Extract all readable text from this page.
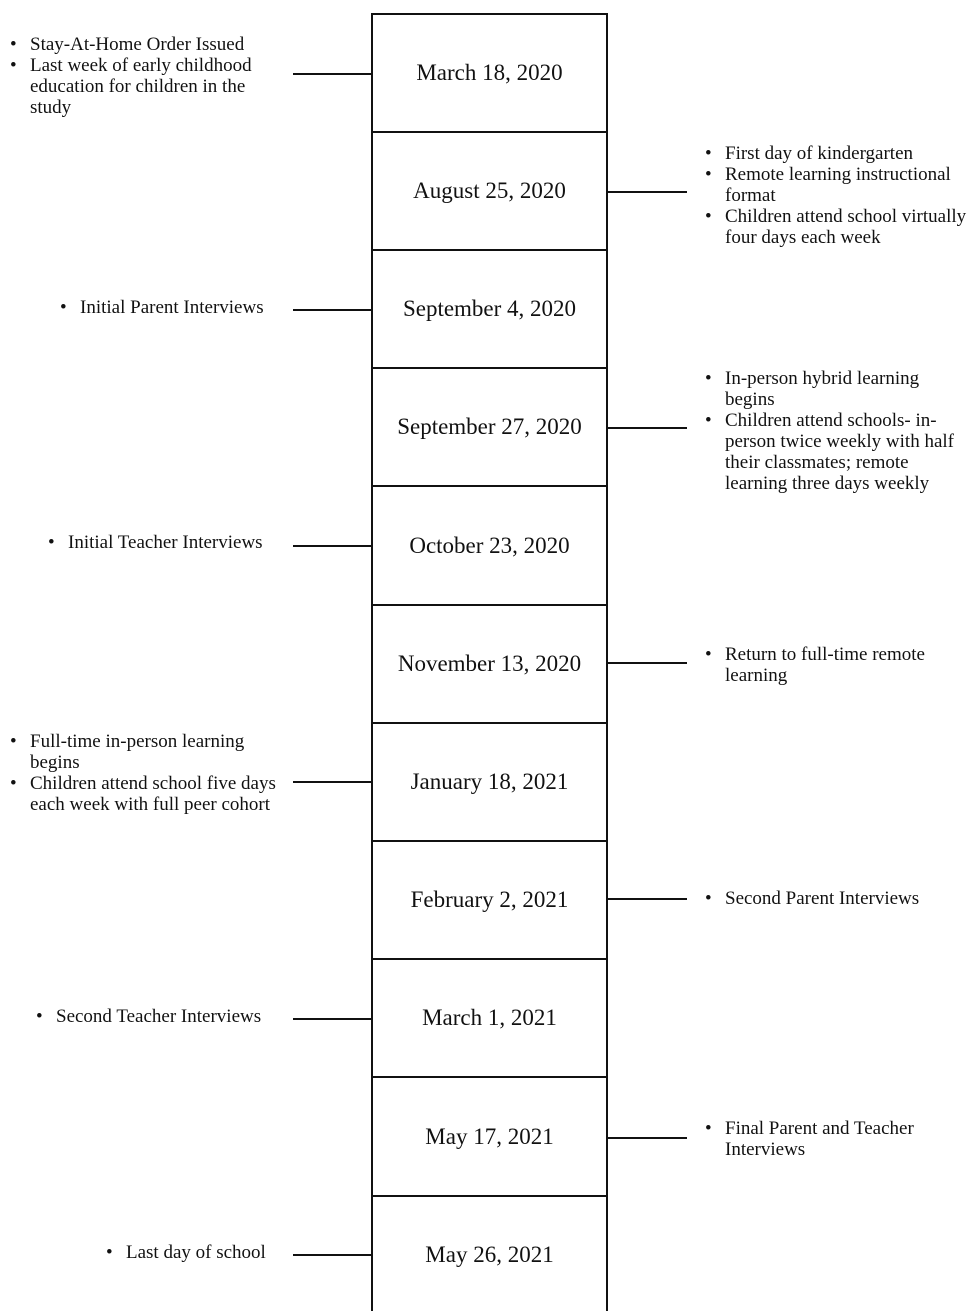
March 18, 2020
• Stay-At-Home Order Issued
• Last week of early childhood education for children in the study
August 25, 2020
• First day of kindergarten
• Remote learning instructional format
• Children attend school virtually four days each week
September 4, 2020
• Initial Parent Interviews
September 27, 2020
• In-person hybrid learning begins
• Children attend schools- in-person twice weekly with half their classmates; remote learning three days weekly
October 23, 2020
• Initial Teacher Interviews
November 13, 2020	• Return to full-time remote learning
January 18, 2021
• Full-time in-person learning begins
• Children attend school five days each week with full peer cohort
February 2, 2021	• Second Parent Interviews
March 1, 2021
• Second Teacher Interviews
May 17, 2021	• Final Parent and Teacher Interviews
May 26, 2021
• Last day of school
